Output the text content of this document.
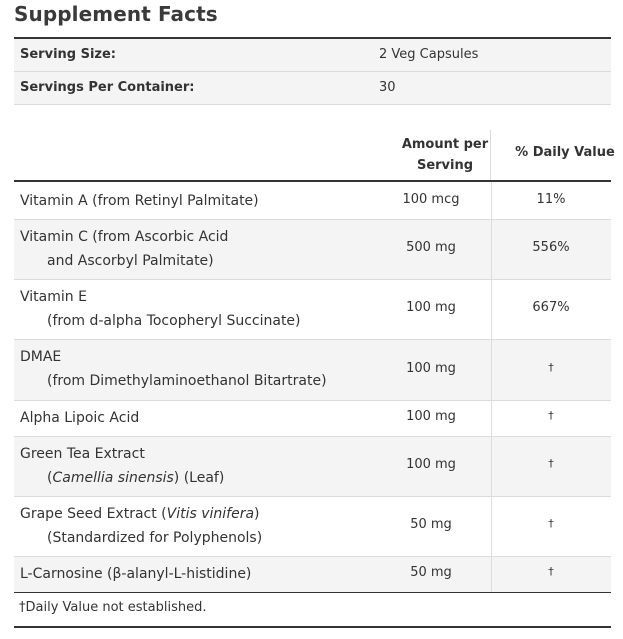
Supplement Facts
Serving Size:	2 Veg Capsules
Servings Per Container:	30
Amount per
Serving
% Daily Value
Vitamin A (from Retinyl Palmitate)	100 mcg	11%
Vitamin C (from Ascorbic Acid
and Ascorbyl Palmitate)
500 mg	556%
Vitamin E
(from d-alpha Tocopheryl Succinate)
100 mg	667%
DMAE
(from Dimethylaminoethanol Bitartrate)
100 mg	†
Alpha Lipoic Acid	100 mg	†
Green Tea Extract
(Camellia sinensis) (Leaf)
100 mg	†
Grape Seed Extract (Vitis vinifera)
(Standardized for Polyphenols)
50 mg	†
L-Carnosine (β-alanyl-L-histidine)	50 mg	†
†Daily Value not established.
